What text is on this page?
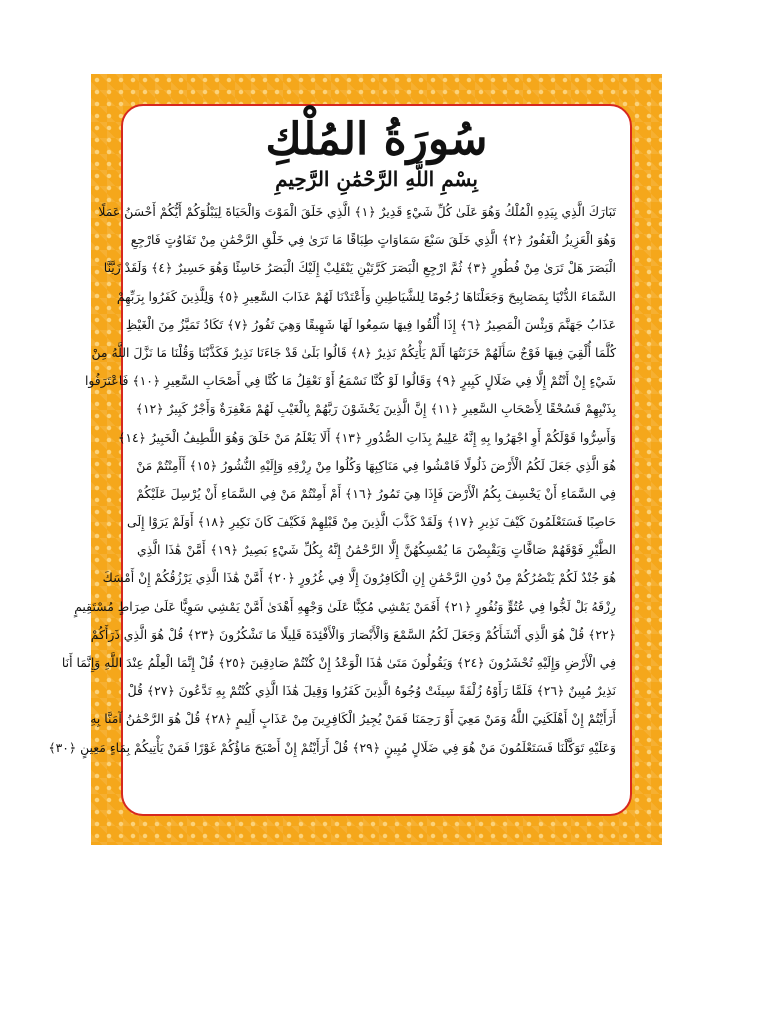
سُورَةُ المُلْكِ
بِسْمِ اللَّهِ الرَّحْمَٰنِ الرَّحِيمِ
تَبَارَكَ الَّذِي بِيَدِهِ الْمُلْكُ وَهُوَ عَلَىٰ كُلِّ شَيْءٍ قَدِيرٌ ﴿١﴾ الَّذِي خَلَقَ الْمَوْتَ وَالْحَيَاةَ لِيَبْلُوَكُمْ أَيُّكُمْ أَحْسَنُ عَمَلًا
وَهُوَ الْعَزِيزُ الْغَفُورُ ﴿٢﴾ الَّذِي خَلَقَ سَبْعَ سَمَاوَاتٍ طِبَاقًا مَا تَرَىٰ فِي خَلْقِ الرَّحْمَٰنِ مِنْ تَفَاوُتٍ فَارْجِعِ
الْبَصَرَ هَلْ تَرَىٰ مِنْ فُطُورٍ ﴿٣﴾ ثُمَّ ارْجِعِ الْبَصَرَ كَرَّتَيْنِ يَنْقَلِبْ إِلَيْكَ الْبَصَرُ خَاسِئًا وَهُوَ حَسِيرٌ ﴿٤﴾ وَلَقَدْ زَيَّنَّا
السَّمَاءَ الدُّنْيَا بِمَصَابِيحَ وَجَعَلْنَاهَا رُجُومًا لِلشَّيَاطِينِ وَأَعْتَدْنَا لَهُمْ عَذَابَ السَّعِيرِ ﴿٥﴾ وَلِلَّذِينَ كَفَرُوا بِرَبِّهِمْ
عَذَابُ جَهَنَّمَ وَبِئْسَ الْمَصِيرُ ﴿٦﴾ إِذَا أُلْقُوا فِيهَا سَمِعُوا لَهَا شَهِيقًا وَهِيَ تَفُورُ ﴿٧﴾ تَكَادُ تَمَيَّزُ مِنَ الْغَيْظِ
كُلَّمَا أُلْقِيَ فِيهَا فَوْجٌ سَأَلَهُمْ خَزَنَتُهَا أَلَمْ يَأْتِكُمْ نَذِيرٌ ﴿٨﴾ قَالُوا بَلَىٰ قَدْ جَاءَنَا نَذِيرٌ فَكَذَّبْنَا وَقُلْنَا مَا نَزَّلَ اللَّهُ مِنْ
شَيْءٍ إِنْ أَنْتُمْ إِلَّا فِي ضَلَالٍ كَبِيرٍ ﴿٩﴾ وَقَالُوا لَوْ كُنَّا نَسْمَعُ أَوْ نَعْقِلُ مَا كُنَّا فِي أَصْحَابِ السَّعِيرِ ﴿١٠﴾ فَاعْتَرَفُوا
بِذَنْبِهِمْ فَسُحْقًا لِأَصْحَابِ السَّعِيرِ ﴿١١﴾ إِنَّ الَّذِينَ يَخْشَوْنَ رَبَّهُمْ بِالْغَيْبِ لَهُمْ مَغْفِرَةٌ وَأَجْرٌ كَبِيرٌ ﴿١٢﴾
وَأَسِرُّوا قَوْلَكُمْ أَوِ اجْهَرُوا بِهِ إِنَّهُ عَلِيمٌ بِذَاتِ الصُّدُورِ ﴿١٣﴾ أَلَا يَعْلَمُ مَنْ خَلَقَ وَهُوَ اللَّطِيفُ الْخَبِيرُ ﴿١٤﴾
هُوَ الَّذِي جَعَلَ لَكُمُ الْأَرْضَ ذَلُولًا فَامْشُوا فِي مَنَاكِبِهَا وَكُلُوا مِنْ رِزْقِهِ وَإِلَيْهِ النُّشُورُ ﴿١٥﴾ أَأَمِنْتُمْ مَنْ
فِي السَّمَاءِ أَنْ يَخْسِفَ بِكُمُ الْأَرْضَ فَإِذَا هِيَ تَمُورُ ﴿١٦﴾ أَمْ أَمِنْتُمْ مَنْ فِي السَّمَاءِ أَنْ يُرْسِلَ عَلَيْكُمْ
حَاصِبًا فَسَتَعْلَمُونَ كَيْفَ نَذِيرِ ﴿١٧﴾ وَلَقَدْ كَذَّبَ الَّذِينَ مِنْ قَبْلِهِمْ فَكَيْفَ كَانَ نَكِيرِ ﴿١٨﴾ أَوَلَمْ يَرَوْا إِلَى
الطَّيْرِ فَوْقَهُمْ صَافَّاتٍ وَيَقْبِضْنَ مَا يُمْسِكُهُنَّ إِلَّا الرَّحْمَٰنُ إِنَّهُ بِكُلِّ شَيْءٍ بَصِيرٌ ﴿١٩﴾ أَمَّنْ هَٰذَا الَّذِي
هُوَ جُنْدٌ لَكُمْ يَنْصُرُكُمْ مِنْ دُونِ الرَّحْمَٰنِ إِنِ الْكَافِرُونَ إِلَّا فِي غُرُورٍ ﴿٢٠﴾ أَمَّنْ هَٰذَا الَّذِي يَرْزُقُكُمْ إِنْ أَمْسَكَ
رِزْقَهُ بَلْ لَجُّوا فِي عُتُوٍّ وَنُفُورٍ ﴿٢١﴾ أَفَمَنْ يَمْشِي مُكِبًّا عَلَىٰ وَجْهِهِ أَهْدَىٰ أَمَّنْ يَمْشِي سَوِيًّا عَلَىٰ صِرَاطٍ مُسْتَقِيمٍ
﴿٢٢﴾ قُلْ هُوَ الَّذِي أَنْشَأَكُمْ وَجَعَلَ لَكُمُ السَّمْعَ وَالْأَبْصَارَ وَالْأَفْئِدَةَ قَلِيلًا مَا تَشْكُرُونَ ﴿٢٣﴾ قُلْ هُوَ الَّذِي ذَرَأَكُمْ
فِي الْأَرْضِ وَإِلَيْهِ تُحْشَرُونَ ﴿٢٤﴾ وَيَقُولُونَ مَتَىٰ هَٰذَا الْوَعْدُ إِنْ كُنْتُمْ صَادِقِينَ ﴿٢٥﴾ قُلْ إِنَّمَا الْعِلْمُ عِنْدَ اللَّهِ وَإِنَّمَا أَنَا
نَذِيرٌ مُبِينٌ ﴿٢٦﴾ فَلَمَّا رَأَوْهُ زُلْفَةً سِيئَتْ وُجُوهُ الَّذِينَ كَفَرُوا وَقِيلَ هَٰذَا الَّذِي كُنْتُمْ بِهِ تَدَّعُونَ ﴿٢٧﴾ قُلْ
أَرَأَيْتُمْ إِنْ أَهْلَكَنِيَ اللَّهُ وَمَنْ مَعِيَ أَوْ رَحِمَنَا فَمَنْ يُجِيرُ الْكَافِرِينَ مِنْ عَذَابٍ أَلِيمٍ ﴿٢٨﴾ قُلْ هُوَ الرَّحْمَٰنُ آمَنَّا بِهِ
وَعَلَيْهِ تَوَكَّلْنَا فَسَتَعْلَمُونَ مَنْ هُوَ فِي ضَلَالٍ مُبِينٍ ﴿٢٩﴾ قُلْ أَرَأَيْتُمْ إِنْ أَصْبَحَ مَاؤُكُمْ غَوْرًا فَمَنْ يَأْتِيكُمْ بِمَاءٍ مَعِينٍ ﴿٣٠﴾
